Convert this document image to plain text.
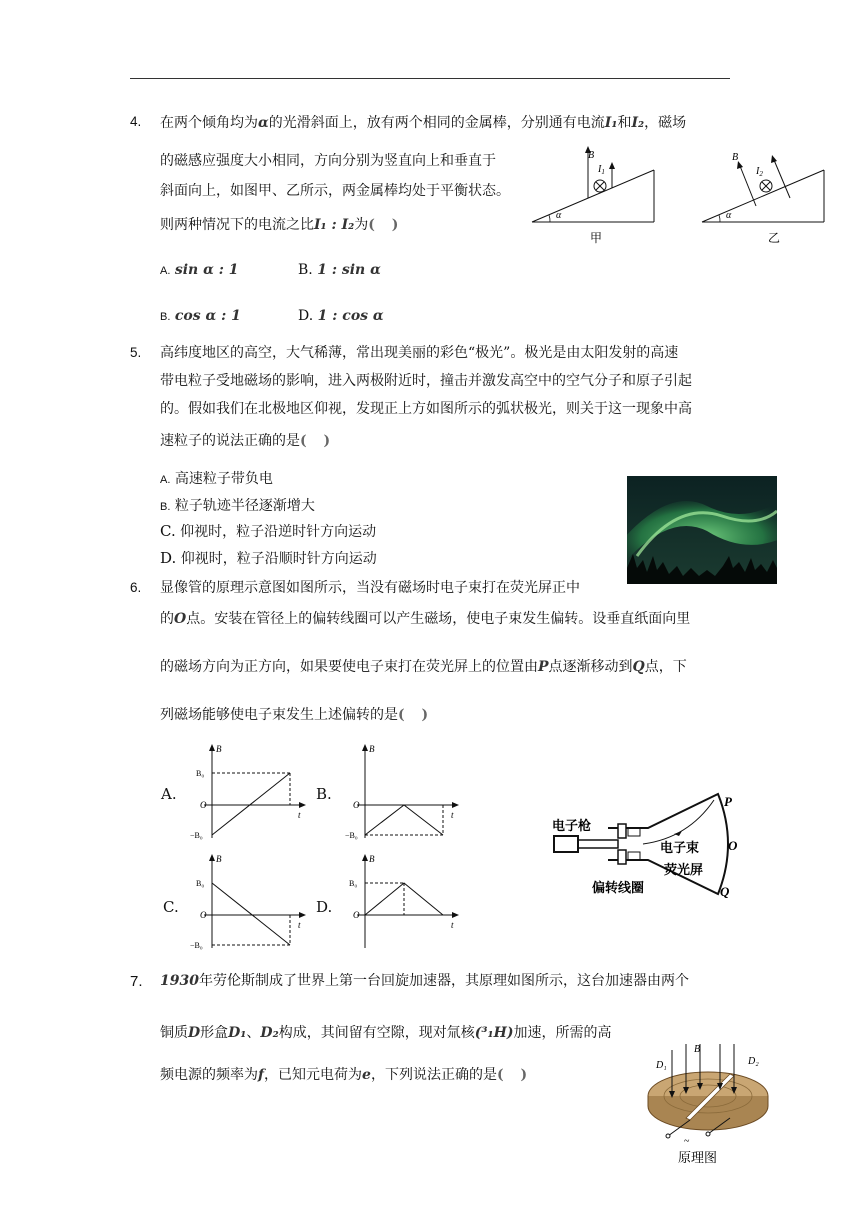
4. 在两个倾角均为α的光滑斜面上，放有两个相同的金属棒，分别通有电流I₁和I₂，磁场
的磁感应强度大小相同，方向分别为竖直向上和垂直于
斜面向上，如图甲、乙所示，两金属棒均处于平衡状态。
则两种情况下的电流之比I₁ : I₂为( )
A. sin α : 1	B. 1 : sin α
B. cos α : 1	D. 1 : cos α
α
B
$I_1$
甲
α
B
$I_2$
乙
5. 高纬度地区的高空，大气稀薄，常出现美丽的彩色“极光”。极光是由太阳发射的高速
带电粒子受地磁场的影响，进入两极附近时，撞击并激发高空中的空气分子和原子引起
的。假如我们在北极地区仰视，发现正上方如图所示的弧状极光，则关于这一现象中高
速粒子的说法正确的是( )
A. 高速粒子带负电
B. 粒子轨迹半径逐渐增大
C. 仰视时，粒子沿逆时针方向运动
D. 仰视时，粒子沿顺时针方向运动
6. 显像管的原理示意图如图所示，当没有磁场时电子束打在荧光屏正中
的O点。安装在管径上的偏转线圈可以产生磁场，使电子束发生偏转。设垂直纸面向里
的磁场方向为正方向，如果要使电子束打在荧光屏上的位置由P点逐渐移动到Q点，下
列磁场能够使电子束发生上述偏转的是( )
A.
B
t
O
B₀
−B₀
B.
B
t
O
−B₀
C.
B
t
O
B₀
−B₀
D.
B
t
O
B₀
电子枪
电子束
荧光屏
偏转线圈
P
O
Q
7. 1930年劳伦斯制成了世界上第一台回旋加速器，其原理如图所示，这台加速器由两个
铜质D形盒D₁、D₂构成，其间留有空隙，现对氚核(³₁H)加速，所需的高
频电源的频率为f，已知元电荷为e，下列说法正确的是( )
B
D₁	D₂
~
原理图
